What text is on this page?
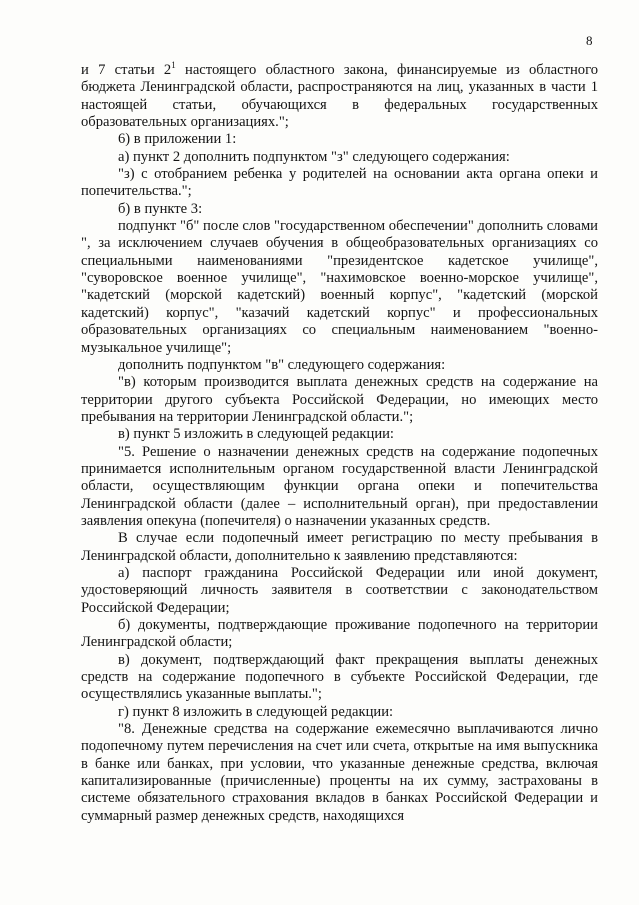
8

и 7 статьи $2^1$ настоящего областного закона, финансируемые из областного бюджета Ленинградской области, распространяются на лиц, указанных в части 1 настоящей статьи, обучающихся в федеральных государственных образовательных организациях.";

6) в приложении 1:

а) пункт 2 дополнить подпунктом "з" следующего содержания:

"з) с отобранием ребенка у родителей на основании акта органа опеки и попечительства.";

б) в пункте 3:

подпункт "б" после слов "государственном обеспечении" дополнить словами ", за исключением случаев обучения в общеобразовательных организациях со специальными наименованиями "президентское кадетское училище", "суворовское военное училище", "нахимовское военно-морское училище", "кадетский (морской кадетский) военный корпус", "кадетский (морской кадетский) корпус", "казачий кадетский корпус" и профессиональных образовательных организациях со специальным наименованием "военно-музыкальное училище";

дополнить подпунктом "в" следующего содержания:

"в) которым производится выплата денежных средств на содержание на территории другого субъекта Российской Федерации, но имеющих место пребывания на территории Ленинградской области.";

в) пункт 5 изложить в следующей редакции:

"5. Решение о назначении денежных средств на содержание подопечных принимается исполнительным органом государственной власти Ленинградской области, осуществляющим функции органа опеки и попечительства Ленинградской области (далее – исполнительный орган), при предоставлении заявления опекуна (попечителя) о назначении указанных средств.

В случае если подопечный имеет регистрацию по месту пребывания в Ленинградской области, дополнительно к заявлению представляются:

а) паспорт гражданина Российской Федерации или иной документ, удостоверяющий личность заявителя в соответствии с законодательством Российской Федерации;

б) документы, подтверждающие проживание подопечного на территории Ленинградской области;

в) документ, подтверждающий факт прекращения выплаты денежных средств на содержание подопечного в субъекте Российской Федерации, где осуществлялись указанные выплаты.";

г) пункт 8 изложить в следующей редакции:

"8. Денежные средства на содержание ежемесячно выплачиваются лично подопечному путем перечисления на счет или счета, открытые на имя выпускника в банке или банках, при условии, что указанные денежные средства, включая капитализированные (причисленные) проценты на их сумму, застрахованы в системе обязательного страхования вкладов в банках Российской Федерации и суммарный размер денежных средств, находящихся
